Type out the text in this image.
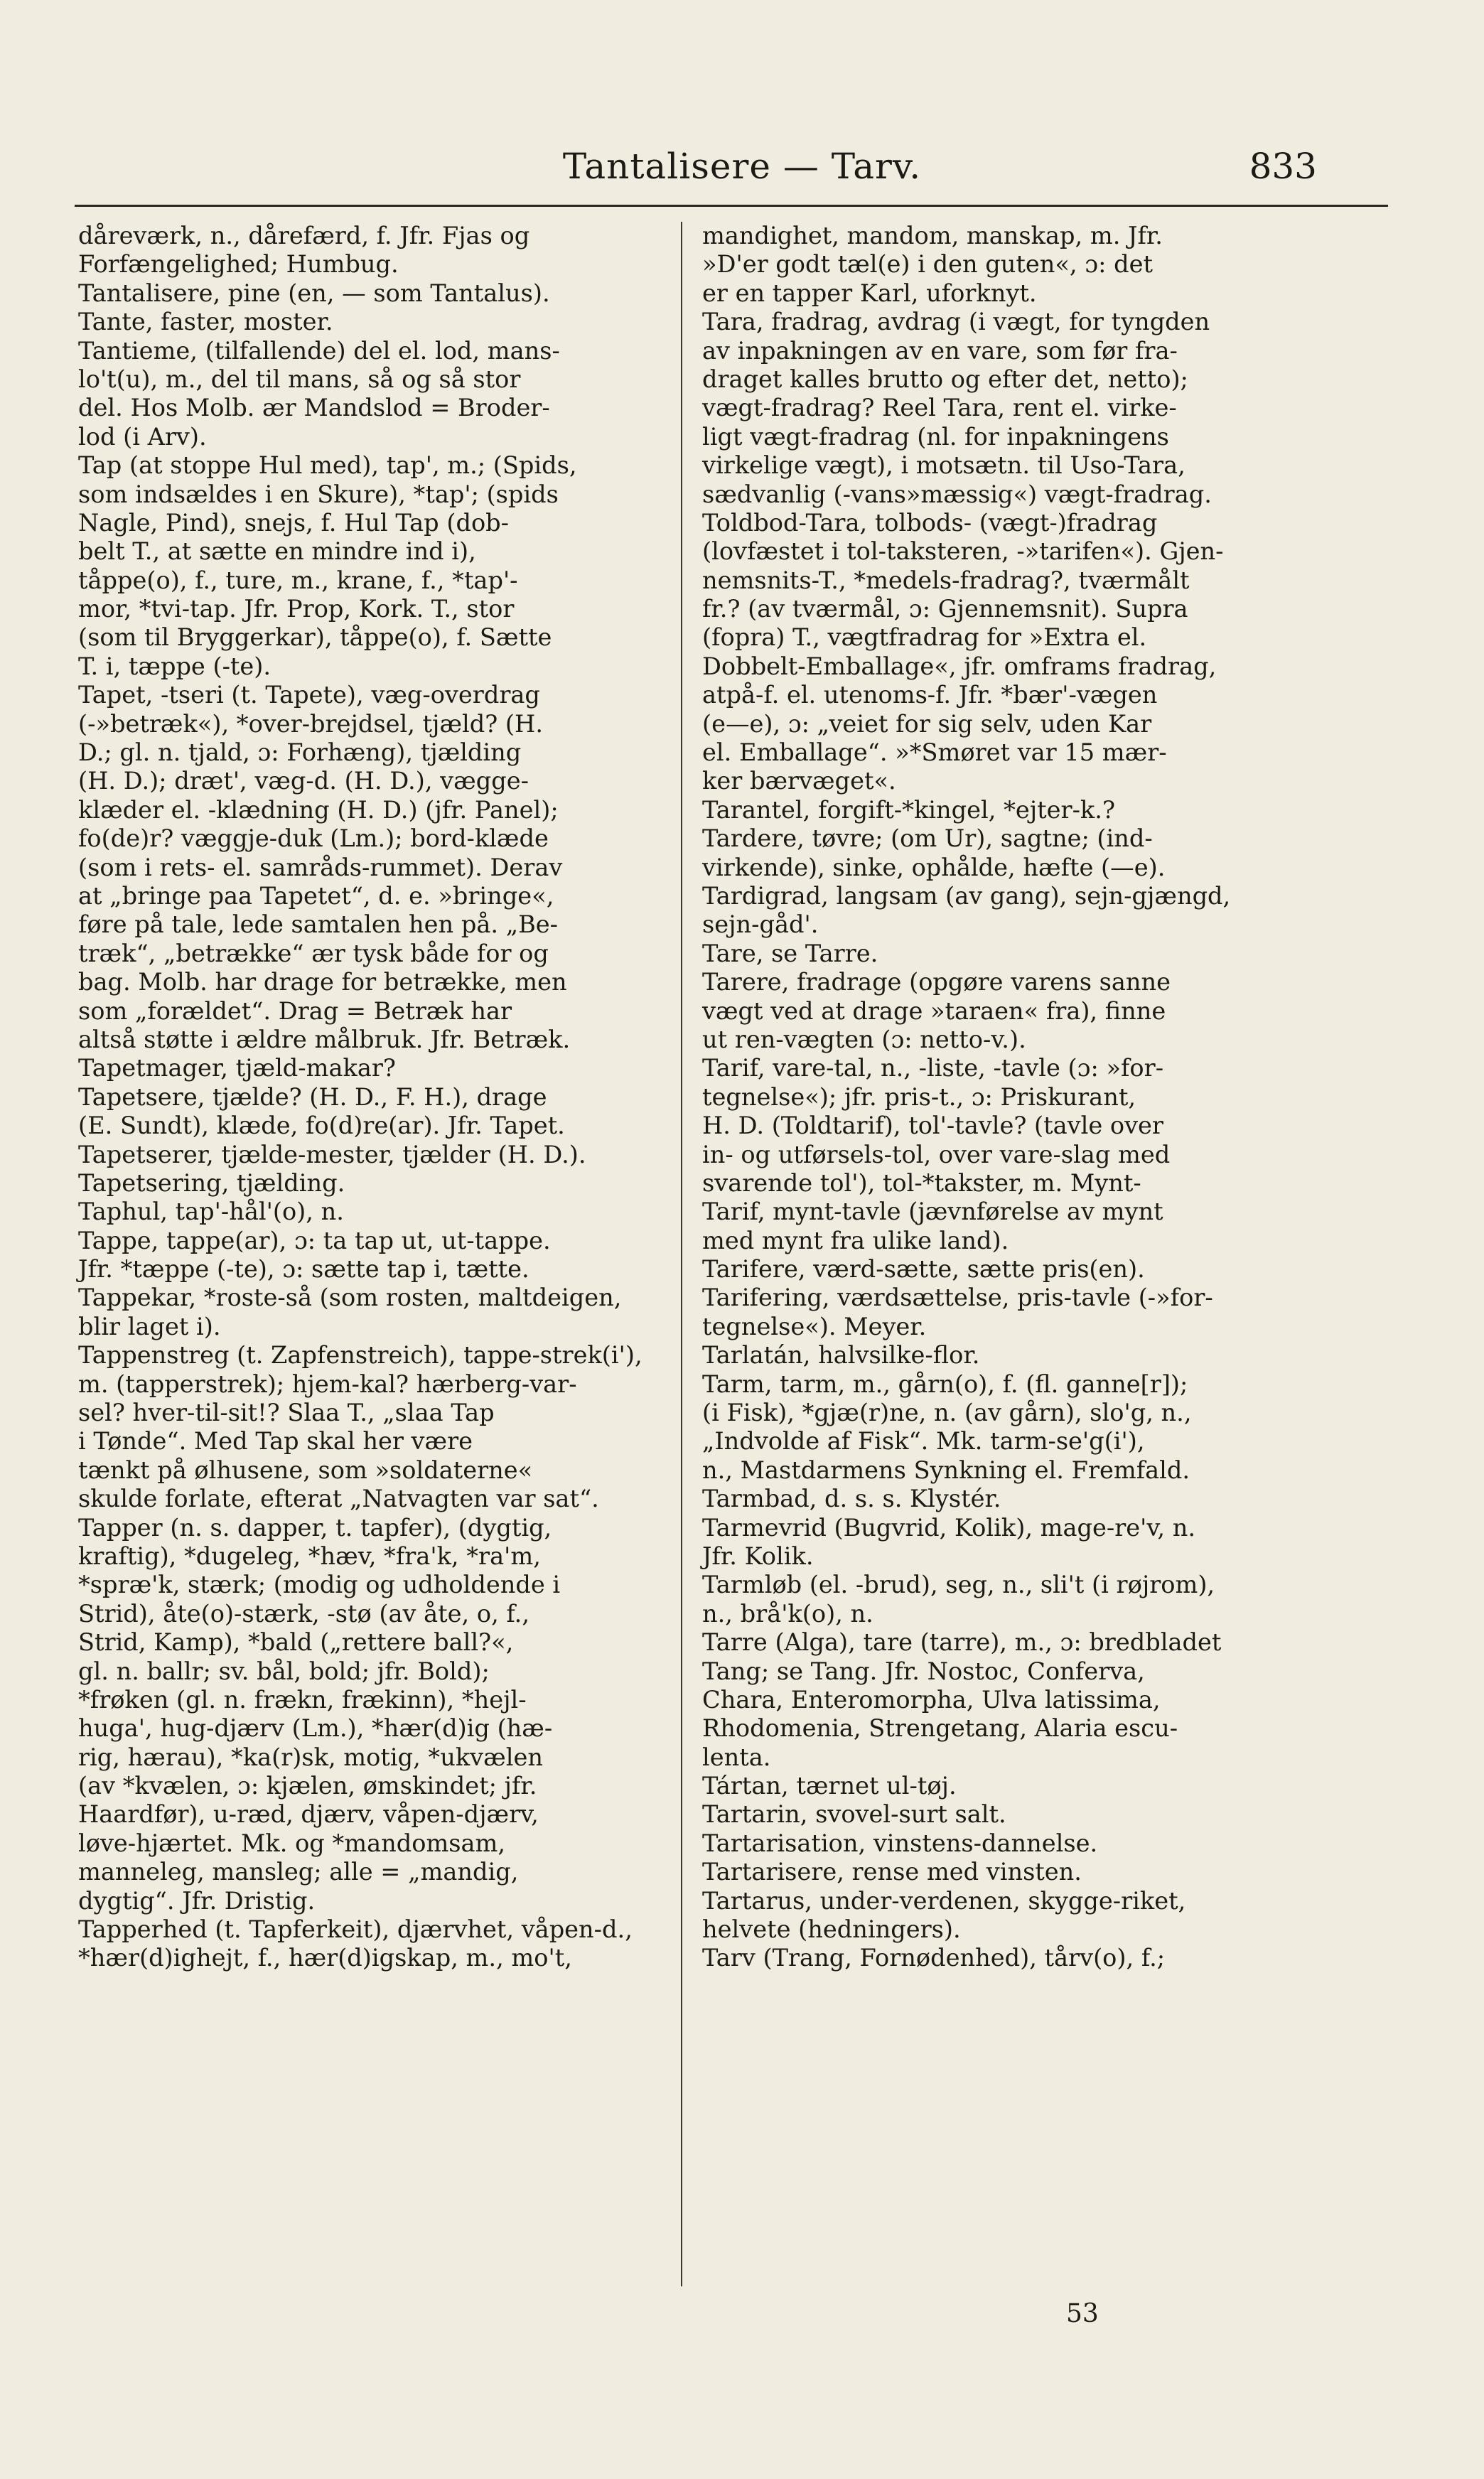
Tantalisere — Tarv.	833
dåreværk, n., dårefærd, f. Jfr. Fjas og
Forfængelighed; Humbug.
Tantalisere, pine (en, — som Tantalus).
Tante, faster, moster.
Tantieme, (tilfallende) del el. lod, mans-
lo't(u), m., del til mans, så og så stor
del. Hos Molb. ær Mandslod = Broder-
lod (i Arv).
Tap (at stoppe Hul med), tap', m.; (Spids,
som indsældes i en Skure), *tap'; (spids
Nagle, Pind), snejs, f. Hul Tap (dob-
belt T., at sætte en mindre ind i),
tåppe(o), f., ture, m., krane, f., *tap'-
mor, *tvi-tap. Jfr. Prop, Kork. T., stor
(som til Bryggerkar), tåppe(o), f. Sætte
T. i, tæppe (-te).
Tapet, -tseri (t. Tapete), væg-overdrag
(-»betræk«), *over-brejdsel, tjæld? (H.
D.; gl. n. tjald, ɔ: Forhæng), tjælding
(H. D.); dræt', væg-d. (H. D.), vægge-
klæder el. -klædning (H. D.) (jfr. Panel);
fo(de)r? væggje-duk (Lm.); bord-klæde
(som i rets- el. samråds-rummet). Derav
at „bringe paa Tapetet“, d. e. »bringe«,
føre på tale, lede samtalen hen på. „Be-
træk“, „betrække“ ær tysk både for og
bag. Molb. har drage for betrække, men
som „forældet“. Drag = Betræk har
altså støtte i ældre målbruk. Jfr. Betræk.
Tapetmager, tjæld-makar?
Tapetsere, tjælde? (H. D., F. H.), drage
(E. Sundt), klæde, fo(d)re(ar). Jfr. Tapet.
Tapetserer, tjælde-mester, tjælder (H. D.).
Tapetsering, tjælding.
Taphul, tap'-hål'(o), n.
Tappe, tappe(ar), ɔ: ta tap ut, ut-tappe.
Jfr. *tæppe (-te), ɔ: sætte tap i, tætte.
Tappekar, *roste-så (som rosten, maltdeigen,
blir laget i).
Tappenstreg (t. Zapfenstreich), tappe-strek(i'),
m. (tapperstrek); hjem-kal? hærberg-var-
sel? hver-til-sit!? Slaa T., „slaa Tap
i Tønde“. Med Tap skal her være
tænkt på ølhusene, som »soldaterne«
skulde forlate, efterat „Natvagten var sat“.
Tapper (n. s. dapper, t. tapfer), (dygtig,
kraftig), *dugeleg, *hæv, *fra'k, *ra'm,
*spræ'k, stærk; (modig og udholdende i
Strid), åte(o)-stærk, -stø (av åte, o, f.,
Strid, Kamp), *bald („rettere ball?«,
gl. n. ballr; sv. bål, bold; jfr. Bold);
*frøken (gl. n. frækn, frækinn), *hejl-
huga', hug-djærv (Lm.), *hær(d)ig (hæ-
rig, hærau), *ka(r)sk, motig, *ukvælen
(av *kvælen, ɔ: kjælen, ømskindet; jfr.
Haardfør), u-ræd, djærv, våpen-djærv,
løve-hjærtet. Mk. og *mandomsam,
manneleg, mansleg; alle = „mandig,
dygtig“. Jfr. Dristig.
Tapperhed (t. Tapferkeit), djærvhet, våpen-d.,
*hær(d)ighejt, f., hær(d)igskap, m., mo't,
mandighet, mandom, manskap, m. Jfr.
»D'er godt tæl(e) i den guten«, ɔ: det
er en tapper Karl, uforknyt.
Tara, fradrag, avdrag (i vægt, for tyngden
av inpakningen av en vare, som før fra-
draget kalles brutto og efter det, netto);
vægt-fradrag? Reel Tara, rent el. virke-
ligt vægt-fradrag (nl. for inpakningens
virkelige vægt), i motsætn. til Uso-Tara,
sædvanlig (-vans»mæssig«) vægt-fradrag.
Toldbod-Tara, tolbods- (vægt-)fradrag
(lovfæstet i tol-taksteren, -»tarifen«). Gjen-
nemsnits-T., *medels-fradrag?, tværmålt
fr.? (av tværmål, ɔ: Gjennemsnit). Supra
(fopra) T., vægtfradrag for »Extra el.
Dobbelt-Emballage«, jfr. omframs fradrag,
atpå-f. el. utenoms-f. Jfr. *bær'-vægen
(e—e), ɔ: „veiet for sig selv, uden Kar
el. Emballage“. »*Smøret var 15 mær-
ker bærvæget«.
Tarantel, forgift-*kingel, *ejter-k.?
Tardere, tøvre; (om Ur), sagtne; (ind-
virkende), sinke, ophålde, hæfte (—e).
Tardigrad, langsam (av gang), sejn-gjængd,
sejn-gåd'.
Tare, se Tarre.
Tarere, fradrage (opgøre varens sanne
vægt ved at drage »taraen« fra), finne
ut ren-vægten (ɔ: netto-v.).
Tarif, vare-tal, n., -liste, -tavle (ɔ: »for-
tegnelse«); jfr. pris-t., ɔ: Priskurant,
H. D. (Toldtarif), tol'-tavle? (tavle over
in- og utførsels-tol, over vare-slag med
svarende tol'), tol-*takster, m. Mynt-
Tarif, mynt-tavle (jævnførelse av mynt
med mynt fra ulike land).
Tarifere, værd-sætte, sætte pris(en).
Tarifering, værdsættelse, pris-tavle (-»for-
tegnelse«). Meyer.
Tarlatán, halvsilke-flor.
Tarm, tarm, m., gårn(o), f. (fl. ganne[r]);
(i Fisk), *gjæ(r)ne, n. (av gårn), slo'g, n.,
„Indvolde af Fisk“. Mk. tarm-se'g(i'),
n., Mastdarmens Synkning el. Fremfald.
Tarmbad, d. s. s. Klystér.
Tarmevrid (Bugvrid, Kolik), mage-re'v, n.
Jfr. Kolik.
Tarmløb (el. -brud), seg, n., sli't (i røjrom),
n., brå'k(o), n.
Tarre (Alga), tare (tarre), m., ɔ: bredbladet
Tang; se Tang. Jfr. Nostoc, Conferva,
Chara, Enteromorpha, Ulva latissima,
Rhodomenia, Strengetang, Alaria escu-
lenta.
Tártan, tærnet ul-tøj.
Tartarin, svovel-surt salt.
Tartarisation, vinstens-dannelse.
Tartarisere, rense med vinsten.
Tartarus, under-verdenen, skygge-riket,
helvete (hedningers).
Tarv (Trang, Fornødenhed), tårv(o), f.;
53
